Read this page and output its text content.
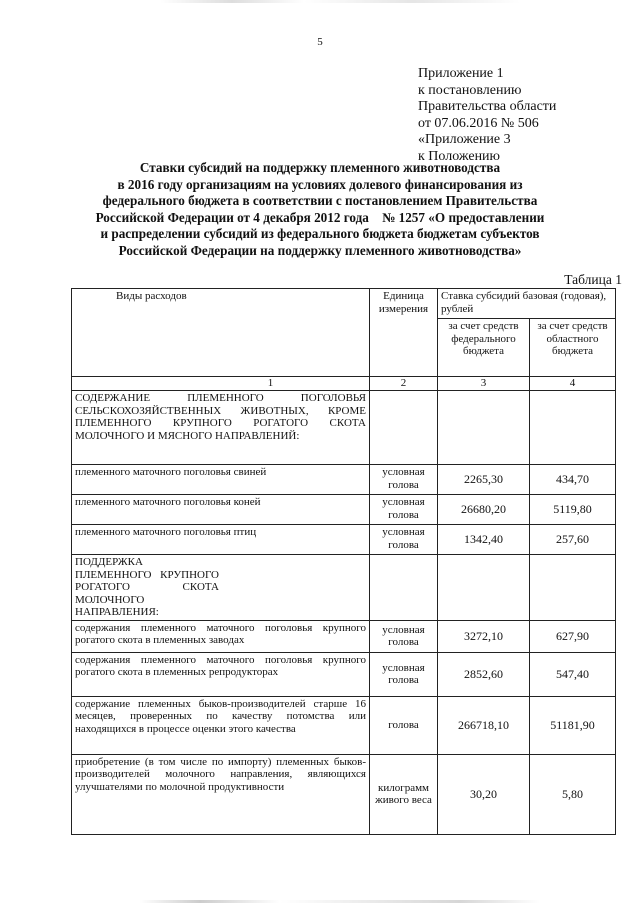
5
Приложение 1
к постановлению
Правительства области
от 07.06.2016 № 506
«Приложение 3
к Положению
Ставки субсидий на поддержку племенного животноводства
в 2016 году организациям на условиях долевого финансирования из
федерального бюджета в соответствии с постановлением Правительства
Российской Федерации от 4 декабря 2012 года    № 1257 «О предоставлении
и распределении субсидий из федерального бюджета бюджетам субъектов
Российской Федерации на поддержку племенного животноводства»
Таблица 1
Виды расходов	Единица измерения	Ставка субсидий базовая (годовая), рублей	
		за счет средств федерального бюджета	за счет средств областного бюджета
1	2	3	4
СОДЕРЖАНИЕ ПЛЕМЕННОГО ПОГОЛОВЬЯ СЕЛЬСКОХОЗЯЙСТВЕННЫХ ЖИВОТНЫХ, КРОМЕ ПЛЕМЕННОГО КРУПНОГО РОГАТОГО СКОТА МОЛОЧНОГО И МЯСНОГО НАПРАВЛЕНИЙ:			
племенного маточного поголовья свиней	условная голова	2265,30	434,70
племенного маточного поголовья коней	условная голова	26680,20	5119,80
племенного маточного поголовья птиц	условная голова	1342,40	257,60
ПОДДЕРЖКА ПЛЕМЕННОГО КРУПНОГО РОГАТОГО СКОТА МОЛОЧНОГО НАПРАВЛЕНИЯ:			
содержания племенного маточного поголовья крупного рогатого скота в племенных заводах	условная голова	3272,10	627,90
содержания племенного маточного поголовья крупного рогатого скота в племенных репродукторах	условная голова	2852,60	547,40
содержание племенных быков-производителей старше 16 месяцев, проверенных по качеству потомства или находящихся в процессе оценки этого качества	голова	266718,10	51181,90
приобретение (в том числе по импорту) племенных быков-производителей молочного направления, являющихся улучшателями по молочной продуктивности	килограмм живого веса	30,20	5,80
